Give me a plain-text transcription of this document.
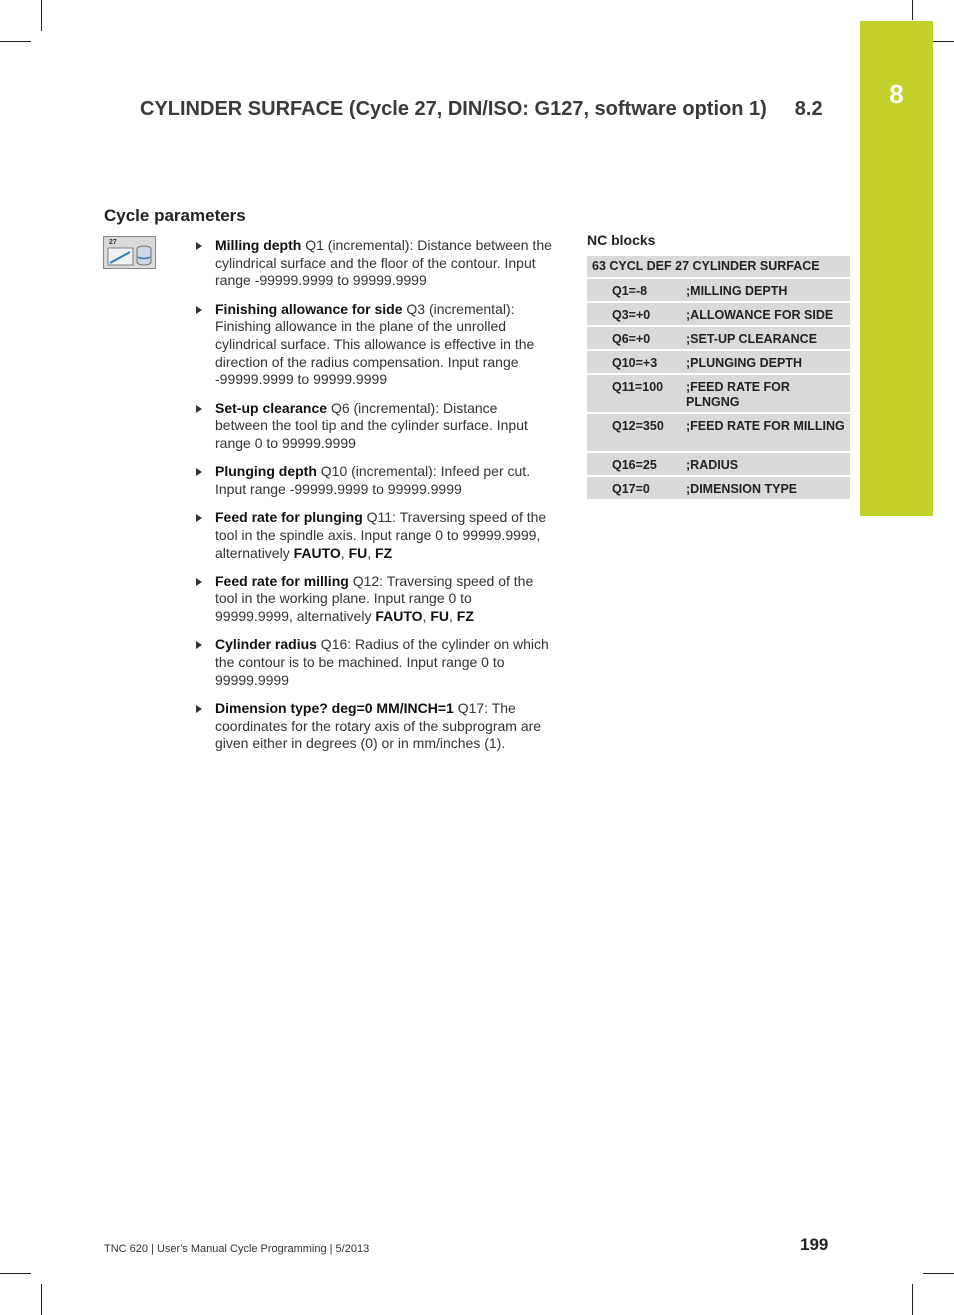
8
CYLINDER SURFACE (Cycle 27, DIN/ISO: G127, software option 1) 8.2
Cycle parameters
27	Milling depth Q1 (incremental): Distance between the cylindrical surface and the floor of the contour. Input range -99999.9999 to 99999.9999
Finishing allowance for side Q3 (incremental): Finishing allowance in the plane of the unrolled cylindrical surface. This allowance is effective in the direction of the radius compensation. Input range -99999.9999 to 99999.9999
Set-up clearance Q6 (incremental): Distance between the tool tip and the cylinder surface. Input range 0 to 99999.9999
Plunging depth Q10 (incremental): Infeed per cut. Input range -99999.9999 to 99999.9999
Feed rate for plunging Q11: Traversing speed of the tool in the spindle axis. Input range 0 to 99999.9999, alternatively FAUTO, FU, FZ
Feed rate for milling Q12: Traversing speed of the tool in the working plane. Input range 0 to 99999.9999, alternatively FAUTO, FU, FZ
Cylinder radius Q16: Radius of the cylinder on which the contour is to be machined. Input range 0 to 99999.9999
Dimension type? deg=0 MM/INCH=1 Q17: The coordinates for the rotary axis of the subprogram are given either in degrees (0) or in mm/inches (1).
NC blocks
63 CYCL DEF 27 CYLINDER SURFACE
Q1=-8	;MILLING DEPTH
Q3=+0	;ALLOWANCE FOR SIDE
Q6=+0	;SET-UP CLEARANCE
Q10=+3	;PLUNGING DEPTH
Q11=100	;FEED RATE FOR PLNGNG
Q12=350	;FEED RATE FOR MILLING
Q16=25	;RADIUS
Q17=0	;DIMENSION TYPE
TNC 620 | User's Manual Cycle Programming | 5/2013	199
